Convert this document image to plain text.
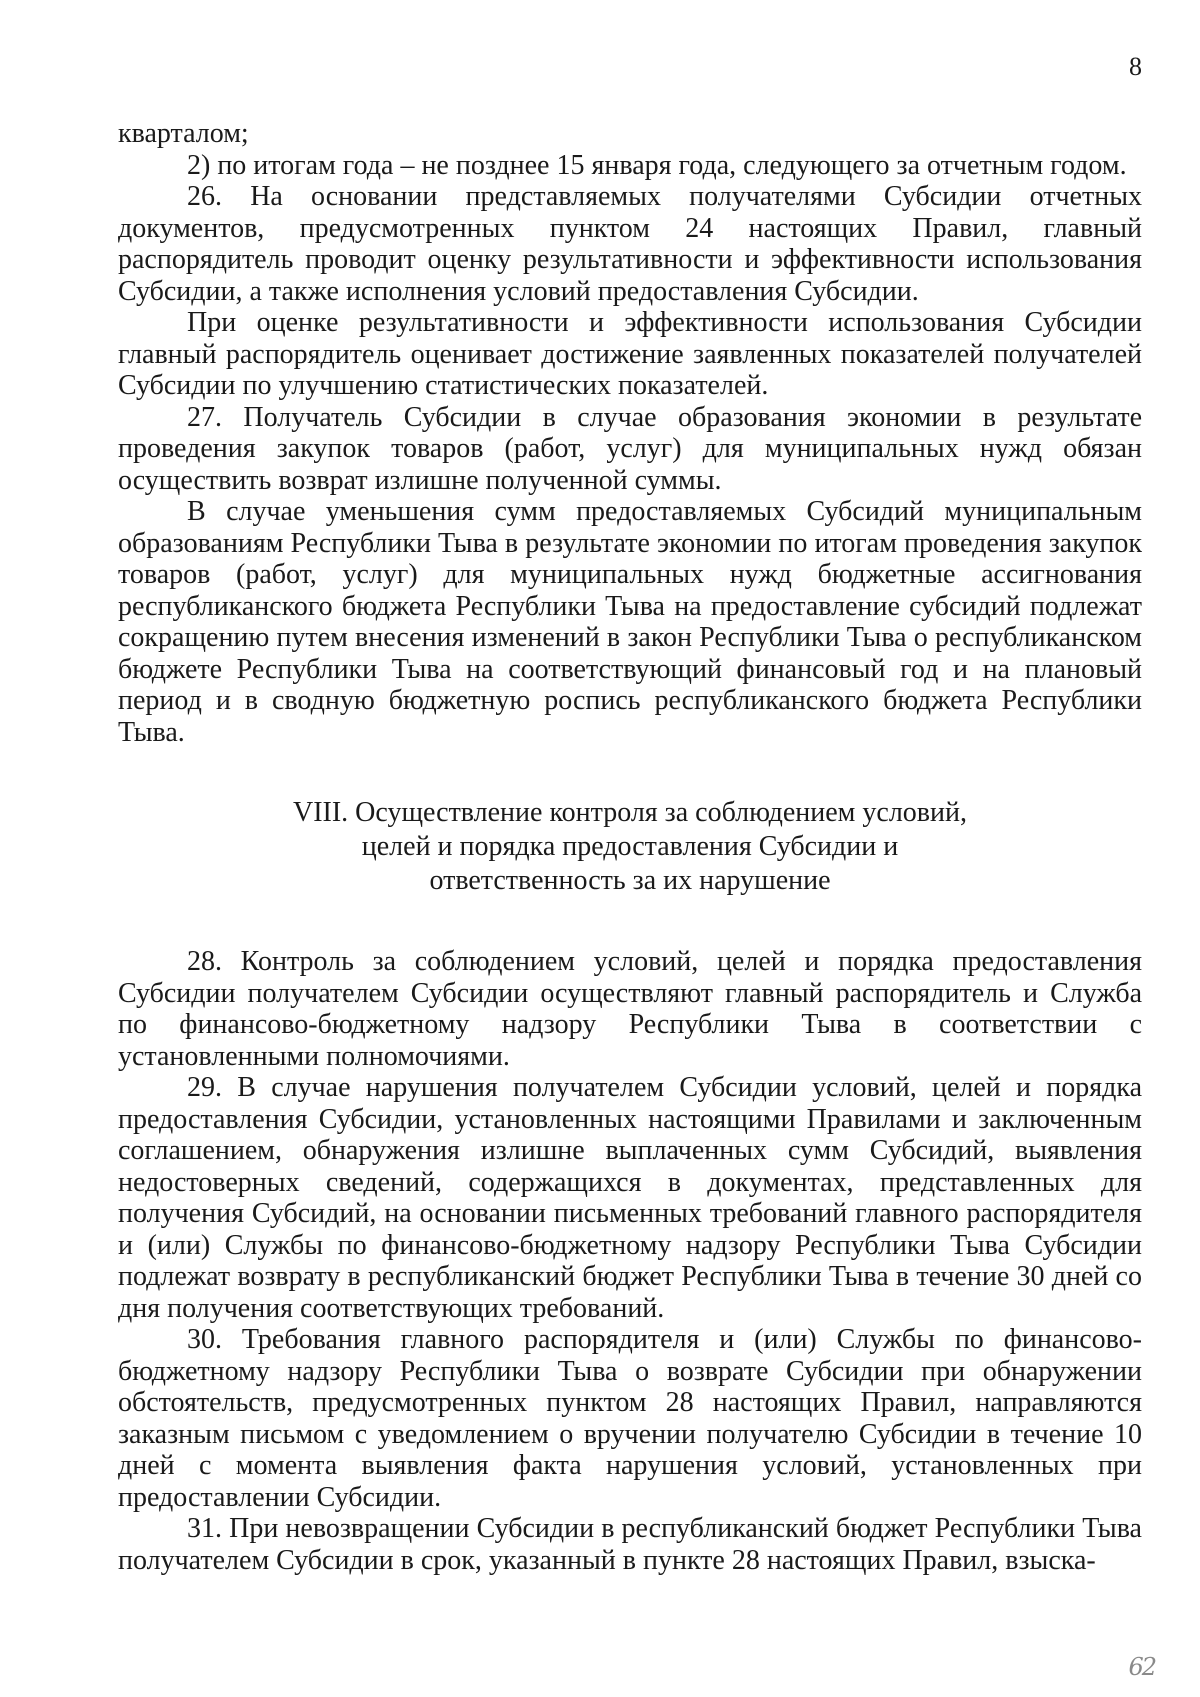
8

кварталом;

2) по итогам года – не позднее 15 января года, следующего за отчетным годом.

26. На основании представляемых получателями Субсидии отчетных документов, предусмотренных пунктом 24 настоящих Правил, главный распорядитель проводит оценку результативности и эффективности использования Субсидии, а также исполнения условий предоставления Субсидии.

При оценке результативности и эффективности использования Субсидии главный распорядитель оценивает достижение заявленных показателей получателей Субсидии по улучшению статистических показателей.

27. Получатель Субсидии в случае образования экономии в результате проведения закупок товаров (работ, услуг) для муниципальных нужд обязан осуществить возврат излишне полученной суммы.

В случае уменьшения сумм предоставляемых Субсидий муниципальным образованиям Республики Тыва в результате экономии по итогам проведения закупок товаров (работ, услуг) для муниципальных нужд бюджетные ассигнования республиканского бюджета Республики Тыва на предоставление субсидий подлежат сокращению путем внесения изменений в закон Республики Тыва о республиканском бюджете Республики Тыва на соответствующий финансовый год и на плановый период и в сводную бюджетную роспись республиканского бюджета Республики Тыва.

VIII. Осуществление контроля за соблюдением условий,
целей и порядка предоставления Субсидии и
ответственность за их нарушение

28. Контроль за соблюдением условий, целей и порядка предоставления Субсидии получателем Субсидии осуществляют главный распорядитель и Служба по финансово-бюджетному надзору Республики Тыва в соответствии с установленными полномочиями.

29. В случае нарушения получателем Субсидии условий, целей и порядка предоставления Субсидии, установленных настоящими Правилами и заключенным соглашением, обнаружения излишне выплаченных сумм Субсидий, выявления недостоверных сведений, содержащихся в документах, представленных для получения Субсидий, на основании письменных требований главного распорядителя и (или) Службы по финансово-бюджетному надзору Республики Тыва Субсидии подлежат возврату в республиканский бюджет Республики Тыва в течение 30 дней со дня получения соответствующих требований.

30. Требования главного распорядителя и (или) Службы по финансово-бюджетному надзору Республики Тыва о возврате Субсидии при обнаружении обстоятельств, предусмотренных пунктом 28 настоящих Правил, направляются заказным письмом с уведомлением о вручении получателю Субсидии в течение 10 дней с момента выявления факта нарушения условий, установленных при предоставлении Субсидии.

31. При невозвращении Субсидии в республиканский бюджет Республики Тыва получателем Субсидии в срок, указанный в пункте 28 настоящих Правил, взыска-

62
